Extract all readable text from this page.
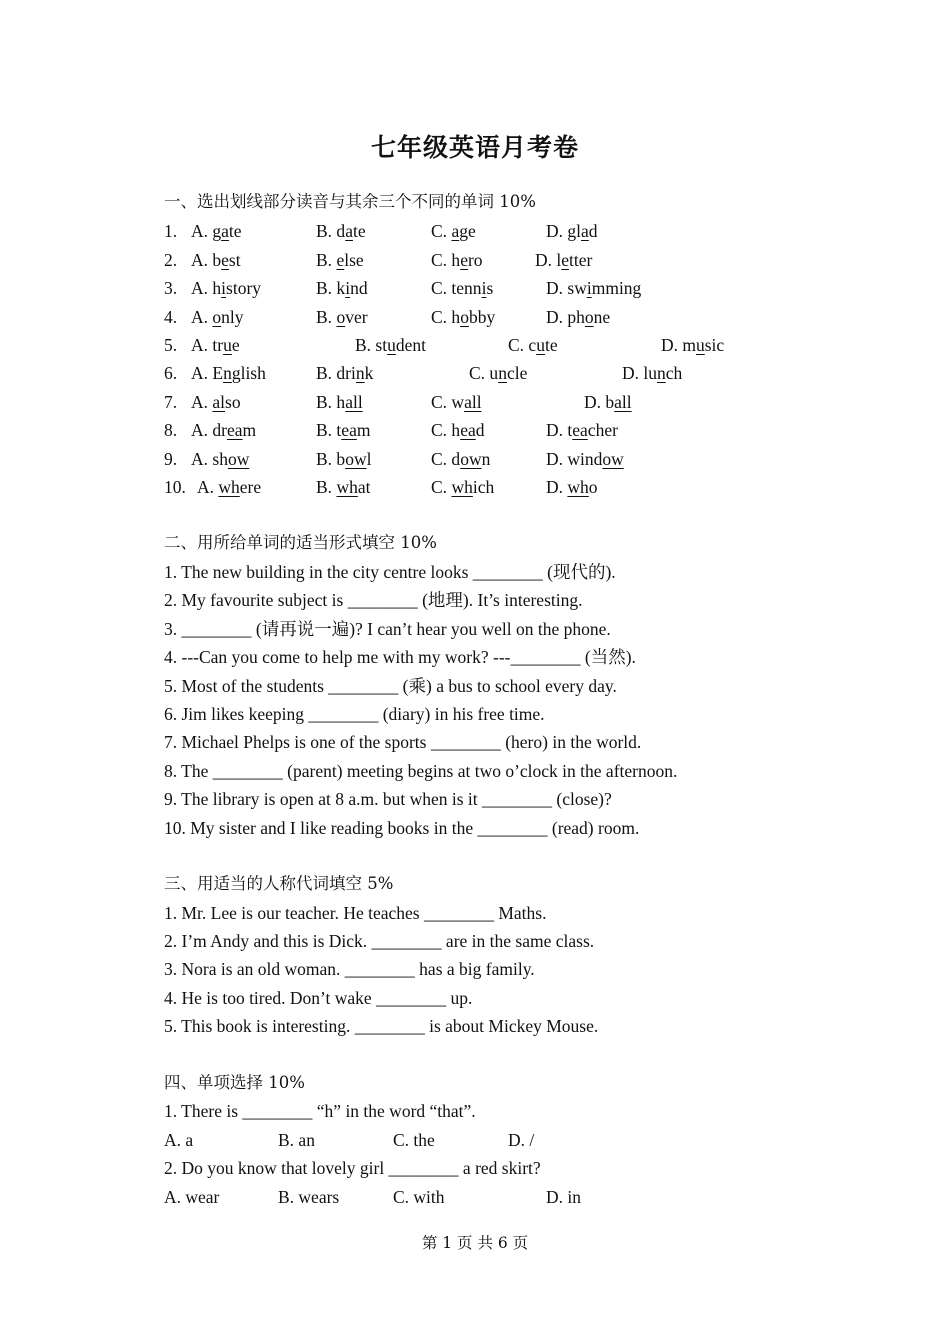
七年级英语月考卷
一、选出划线部分读音与其余三个不同的单词 10%
1. A. gate	B. date	C. age	D. glad
2. A. best	B. else	C. hero	D. letter
3. A. history	B. kind	C. tennis	D. swimming
4. A. only	B. over	C. hobby	D. phone
5. A. true	B. student	C. cute	D. music
6. A. English	B. drink	C. uncle	D. lunch
7. A. also	B. hall	C. wall	D. ball
8. A. dream	B. team	C. head	D. teacher
9. A. show	B. bowl	C. down	D. window
10. A. where	B. what	C. which	D. who
二、用所给单词的适当形式填空 10%
1. The new building in the city centre looks ________ (现代的).
2. My favourite subject is ________ (地理). It’s interesting.
3. ________ (请再说一遍)? I can’t hear you well on the phone.
4. ---Can you come to help me with my work? ---________ (当然).
5. Most of the students ________ (乘) a bus to school every day.
6. Jim likes keeping ________ (diary) in his free time.
7. Michael Phelps is one of the sports ________ (hero) in the world.
8. The ________ (parent) meeting begins at two o’clock in the afternoon.
9. The library is open at 8 a.m. but when is it ________ (close)?
10. My sister and I like reading books in the ________ (read) room.
三、用适当的人称代词填空 5%
1. Mr. Lee is our teacher. He teaches ________ Maths.
2. I’m Andy and this is Dick. ________ are in the same class.
3. Nora is an old woman. ________ has a big family.
4. He is too tired. Don’t wake ________ up.
5. This book is interesting. ________ is about Mickey Mouse.
四、单项选择 10%
1. There is ________ “h” in the word “that”.
A. a	B. an	C. the	D. /
2. Do you know that lovely girl ________ a red skirt?
A. wear	B. wears	C. with	D. in
第 1 页 共 6 页
